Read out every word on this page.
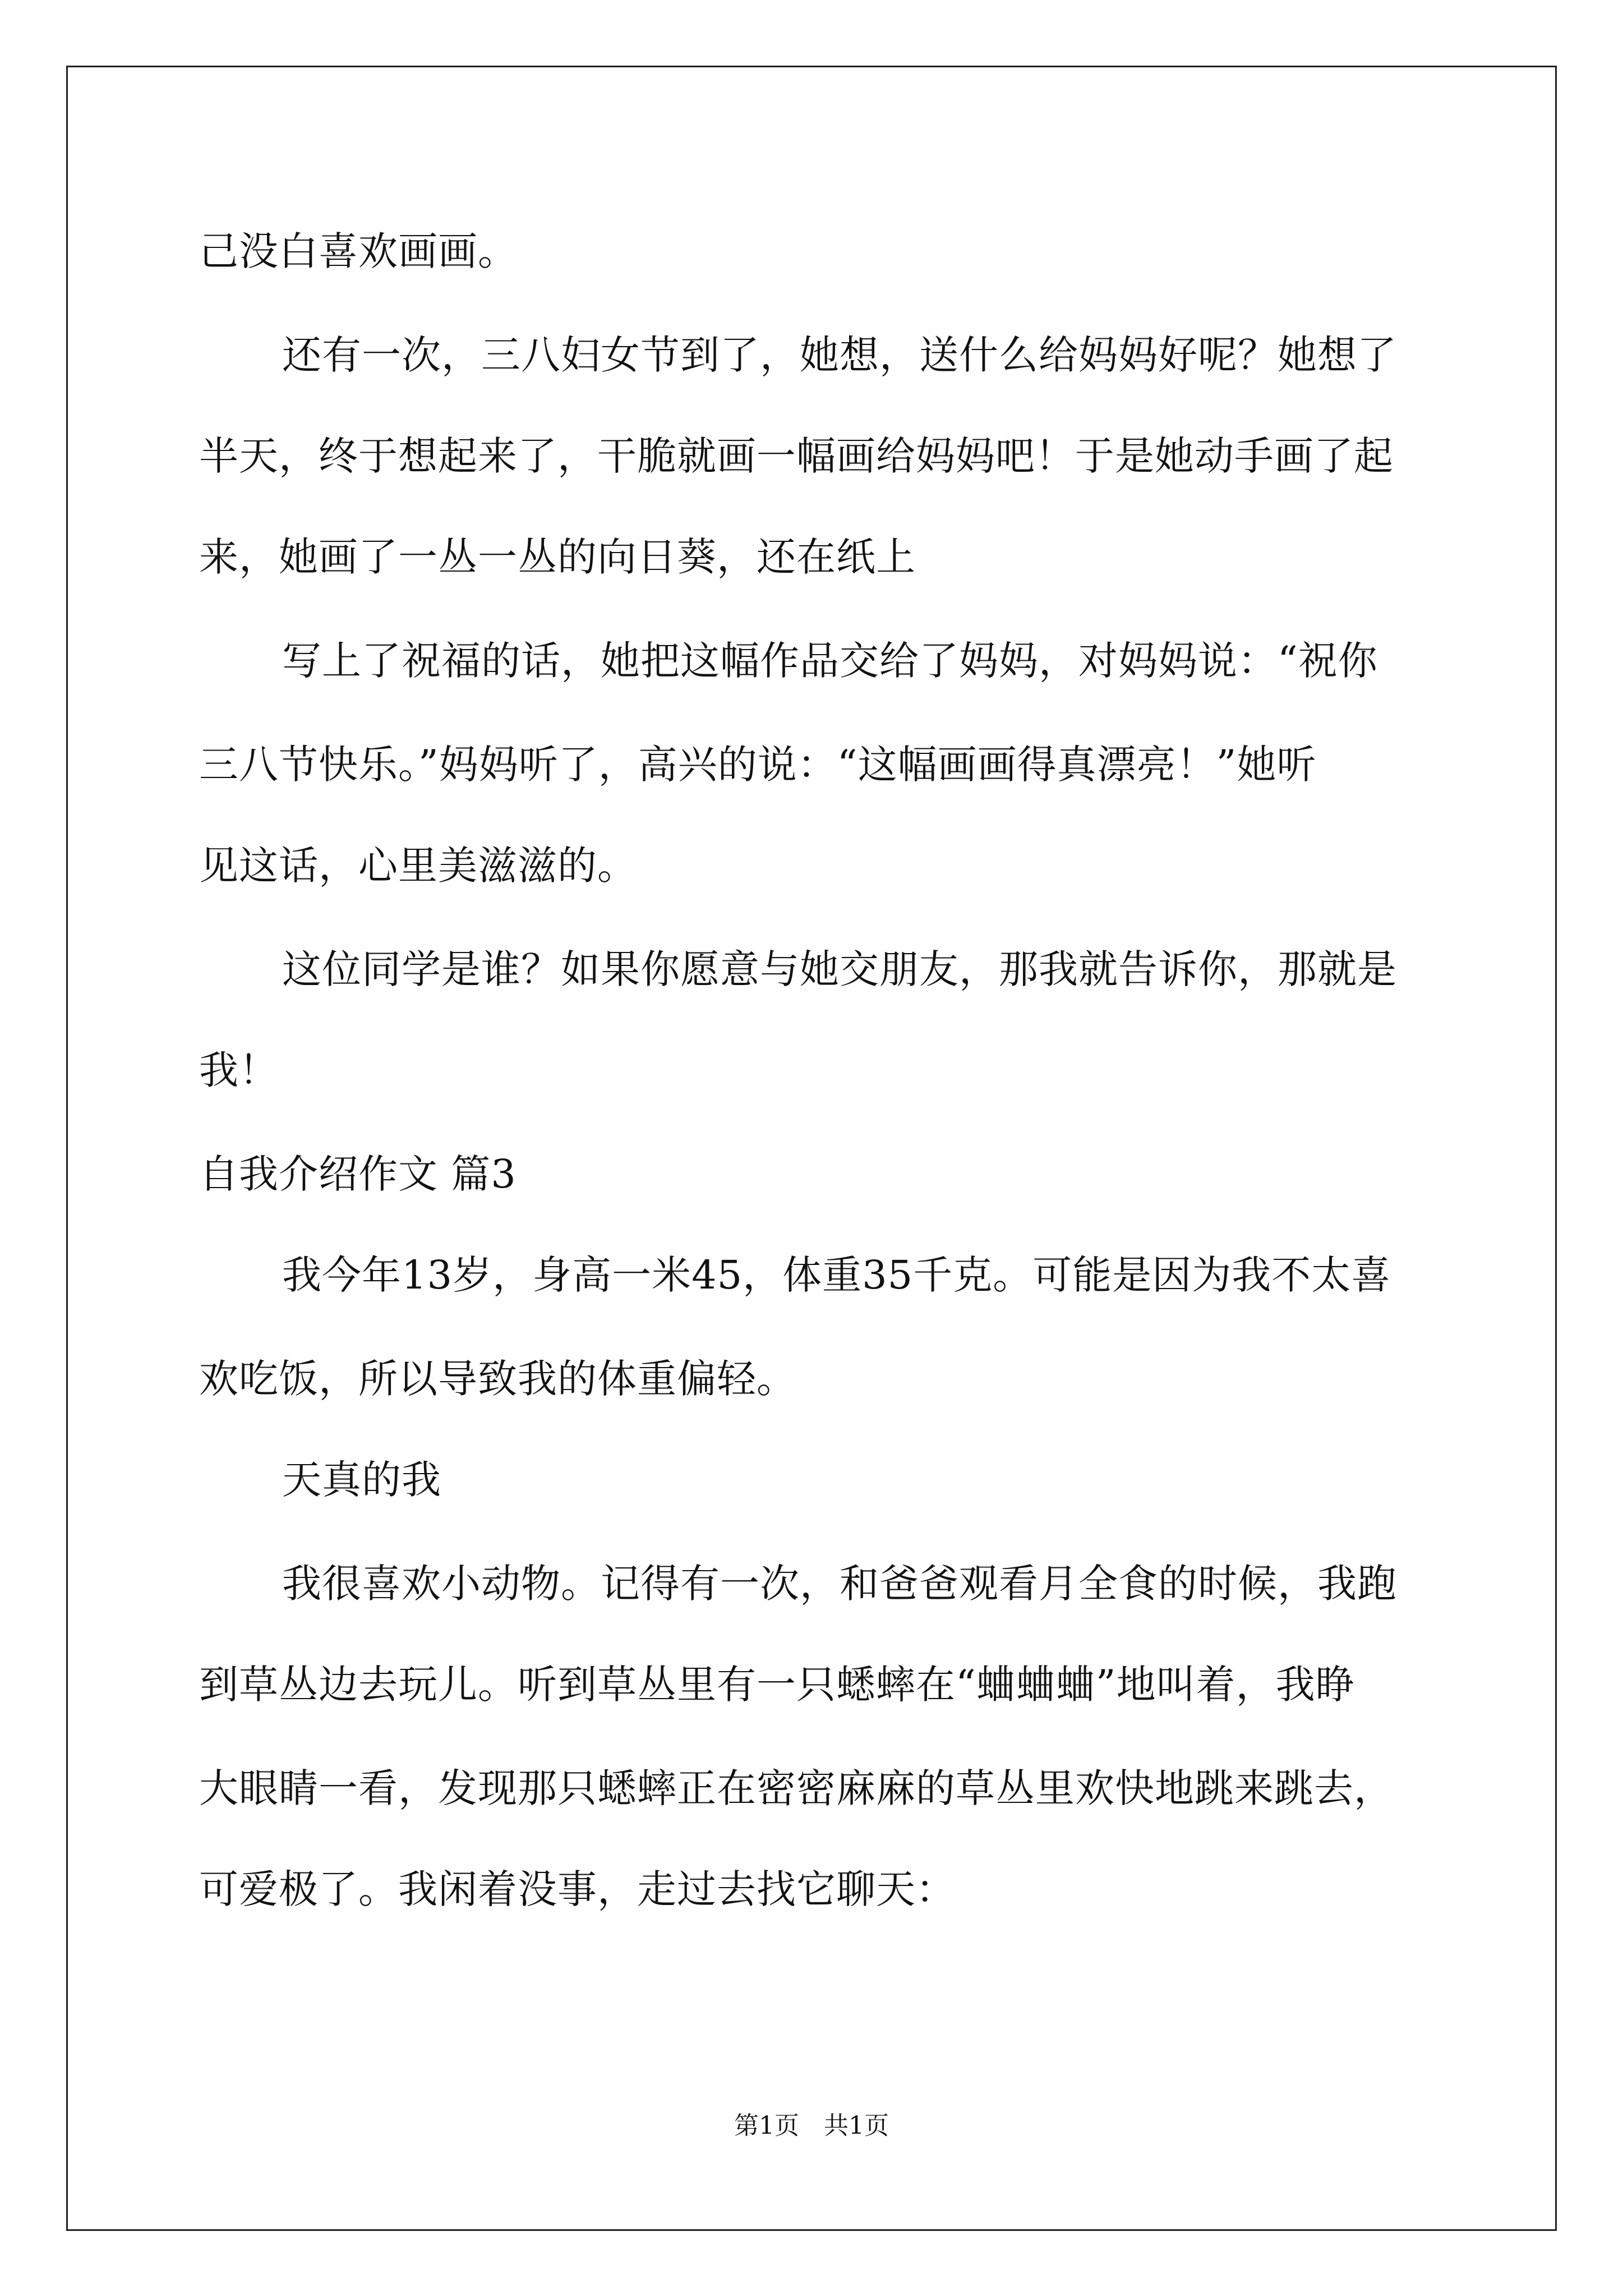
己没白喜欢画画。
还有一次，三八妇女节到了，她想，送什么给妈妈好呢？她想了
半天，终于想起来了，干脆就画一幅画给妈妈吧！于是她动手画了起
来，她画了一丛一丛的向日葵，还在纸上
写上了祝福的话，她把这幅作品交给了妈妈，对妈妈说：“祝你
三八节快乐。”妈妈听了，高兴的说：“这幅画画得真漂亮！”她听
见这话，心里美滋滋的。
这位同学是谁？如果你愿意与她交朋友，那我就告诉你，那就是
我！
自我介绍作文 篇3
我今年13岁，身高一米45，体重35千克。可能是因为我不太喜
欢吃饭，所以导致我的体重偏轻。
天真的我
我很喜欢小动物。记得有一次，和爸爸观看月全食的时候，我跑
到草丛边去玩儿。听到草丛里有一只蟋蟀在“蛐蛐蛐”地叫着，我睁
大眼睛一看，发现那只蟋蟀正在密密麻麻的草丛里欢快地跳来跳去，
可爱极了。我闲着没事，走过去找它聊天：
第1页　共1页
